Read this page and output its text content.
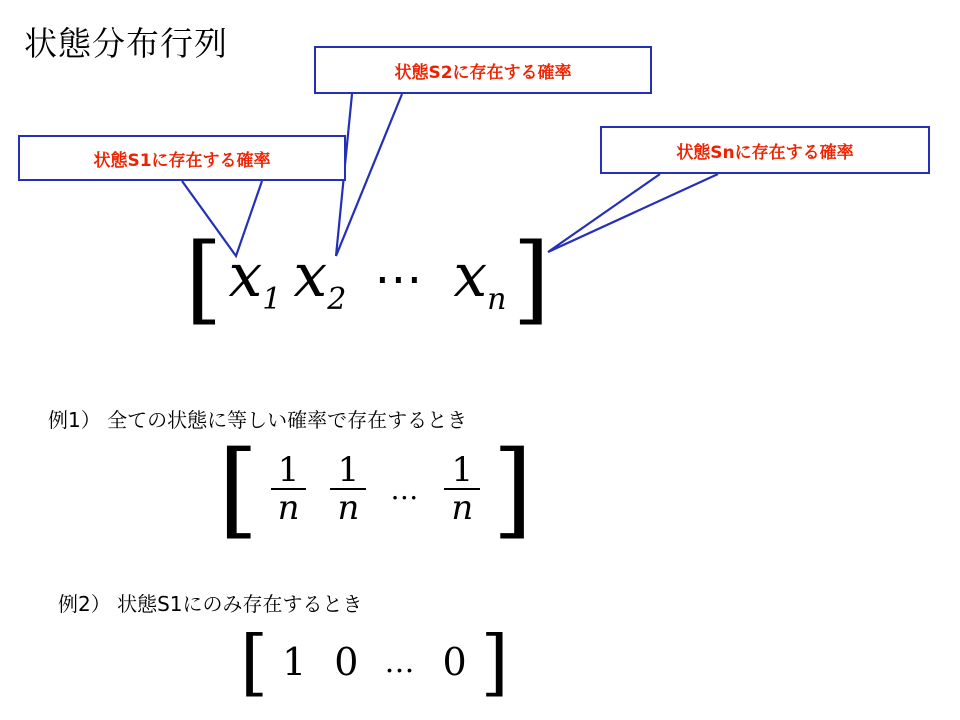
状態分布行列
状態S1に存在する確率
状態S2に存在する確率
状態Snに存在する確率
[ $x_1$ $x_2$ ⋯ $x_n$ ]
例1） 全ての状態に等しい確率で存在するとき
[ $\frac{1}{n} \frac{1}{n}$ … $\frac{1}{n}$ ]
例2） 状態S1にのみ存在するとき
[ 1 0 … 0 ]
